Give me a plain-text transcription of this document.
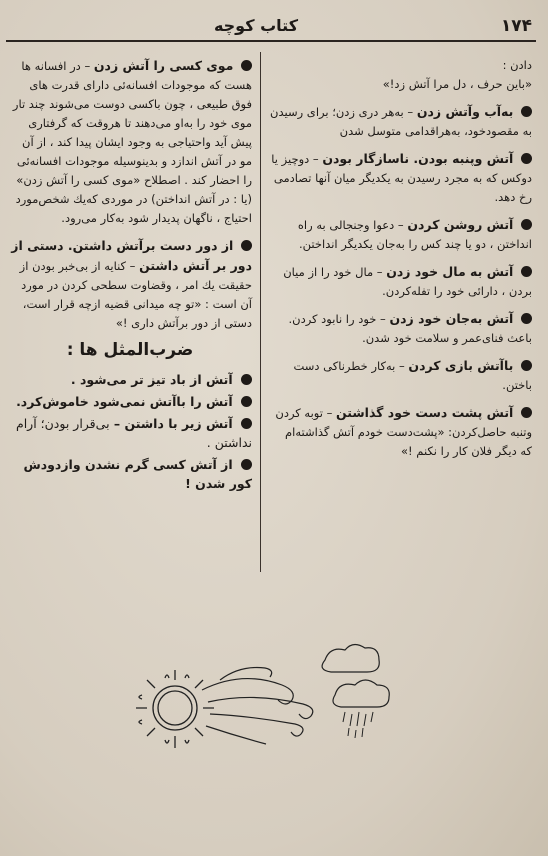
۱۷۴
کتاب کوچه
دادن :
«باین حرف ، دل مرا آتش زد!»
به‌آب وآتش زدن – به‌هر دری زدن؛ برای رسیدن به مقصودخود، به‌هراقدامی متوسل شدن
آتش وپنبه بودن. ناسازگار بودن – دوچیز یا دوکس که به مجرد رسیدن به یکدیگر میان آنها تصادمی رخ دهد.
آتش روشن کردن – دعوا وجنجالی به راه انداختن ، دو یا چند کس را به‌جان یکدیگر انداختن.
آتش به مال خود زدن – مال خود را از میان بردن ، دارائی خود را تفله‌کردن.
آتش به‌جان خود زدن – خود را نابود کردن. باعث فنای‌عمر و سلامت خود شدن.
باآتش بازی کردن – به‌کار خطرناکی دست باختن.
آتش پشت دست خود گذاشتن – توبه کردن وتنبه حاصل‌کردن: «پشت‌دست خودم آتش گذاشته‌ام که دیگر فلان کار را نکنم !»
موی کسی را آتش زدن – در افسانه ها هست که موجودات افسانه‌ئی دارای قدرت های فوق طبیعی ، چون باکسی دوست می‌شوند چند تار موی خود را به‌او می‌دهند تا هروقت که گرفتاری پیش آید واحتیاجی به وجود ایشان پیدا کند ، از آن مو در آتش اندازد و بدینوسیله موجودات افسانه‌ئی را احضار کند . اصطلاح «موی کسی را آتش زدن» (یا : در آتش انداختن) در موردی که‌یك شخص‌مورد احتیاج ، ناگهان پدیدار شود به‌کار می‌رود.
از دور دست برآتش داشتن. دستی از دور بر آتش داشتن – کنایه از بی‌خبر بودن از حقیقت یك امر ، وقضاوت سطحی کردن در مورد آن است : «تو چه میدانی قضیه ازچه قرار است، دستی از دور برآتش داری !»
ضرب‌المثل ها :
آتش از باد تیز تر می‌شود .
آتش را باآتش نمی‌شود خاموش‌کرد.
آتش زیر با داشتن – بی‌قرار بودن؛ آرام نداشتن .
از آتش کسی گرم نشدن واز‌دودش کور شدن !
